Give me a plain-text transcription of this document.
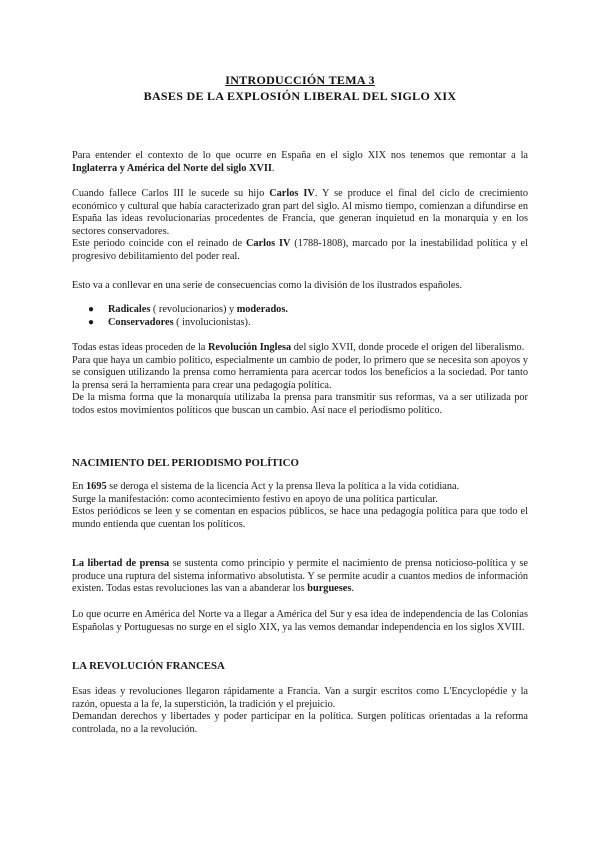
INTRODUCCIÓN TEMA 3
BASES DE LA EXPLOSIÓN LIBERAL DEL SIGLO XIX

Para entender el contexto de lo que ocurre en España en el siglo XIX nos tenemos que remontar a la Inglaterra y América del Norte del siglo XVII.

Cuando fallece Carlos III le sucede su hijo Carlos IV. Y se produce el final del ciclo de crecimiento económico y cultural que había caracterizado gran part del siglo. Al mismo tiempo, comienzan a difundirse en España las ideas revolucionarias procedentes de Francia, que generan inquietud en la monarquía y en los sectores conservadores.
Este periodo coincide con el reinado de Carlos IV (1788-1808), marcado por la inestabilidad política y el progresivo debilitamiento del poder real.

Esto va a conllevar en una serie de consecuencias como la división de los ilustrados españoles.

● Radicales ( revolucionarios) y moderados.
● Conservadores ( involucionistas).

Todas estas ideas proceden de la Revolución Inglesa del siglo XVII, donde procede el origen del liberalismo.
Para que haya un cambio político, especialmente un cambio de poder, lo primero que se necesita son apoyos y se consiguen utilizando la prensa como herramienta para acercar todos los beneficios a la sociedad. Por tanto la prensa será la herramienta para crear una pedagogía política.
De la misma forma que la monarquía utilizaba la prensa para transmitir sus reformas, va a ser utilizada por todos estos movimientos políticos que buscan un cambio. Así nace el periodismo político.

NACIMIENTO DEL PERIODISMO POLÍTICO

En 1695 se deroga el sistema de la licencia Act y la prensa lleva la política a la vida cotidiana.
Surge la manifestación: como acontecimiento festivo en apoyo de una política particular.
Estos periódicos se leen y se comentan en espacios públicos, se hace una pedagogía política para que todo el mundo entienda que cuentan los políticos.

La libertad de prensa se sustenta como principio y permite el nacimiento de prensa noticioso-política y se produce una ruptura del sistema informativo absolutista. Y se permite acudir a cuantos medios de información existen. Todas estas revoluciones las van a abanderar los burgueses.

Lo que ocurre en América del Norte va a llegar a América del Sur y esa idea de independencia de las Colonias Españolas y Portuguesas no surge en el siglo XIX, ya las vemos demandar independencia en los siglos XVIII.

LA REVOLUCIÓN FRANCESA

Esas ideas y revoluciones llegaron rápidamente a Francia. Van a surgir escritos como L'Encyclopédie y la razón, opuesta a la fe, la superstición, la tradición y el prejuicio.
Demandan derechos y libertades y poder participar en la política. Surgen políticas orientadas a la reforma controlada, no a la revolución.
